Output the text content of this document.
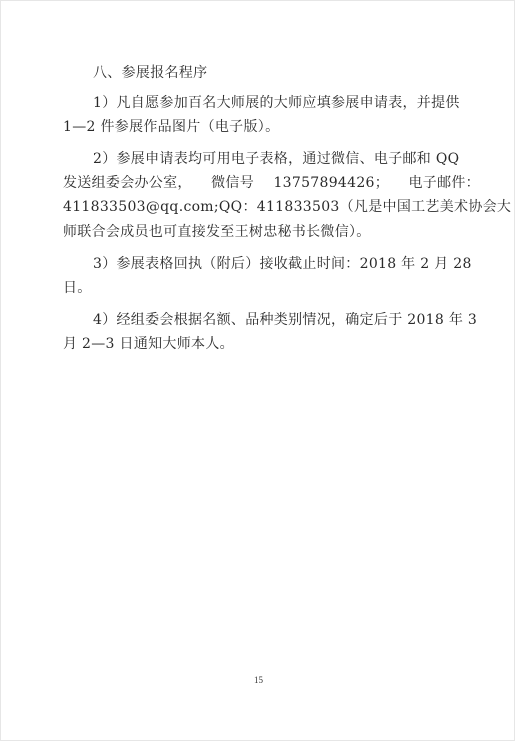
八、参展报名程序
1）凡自愿参加百名大师展的大师应填参展申请表，并提供
1—2 件参展作品图片（电子版）。
2）参展申请表均可用电子表格，通过微信、电子邮和 QQ
发送组委会办公室， 微信号 13757894426； 电子邮件：
411833503@qq.com;QQ：411833503（凡是中国工艺美术协会大
师联合会成员也可直接发至王树忠秘书长微信）。
3）参展表格回执（附后）接收截止时间：2018 年 2 月 28
日。
4）经组委会根据名额、品种类别情况，确定后于 2018 年 3
月 2—3 日通知大师本人。
15
